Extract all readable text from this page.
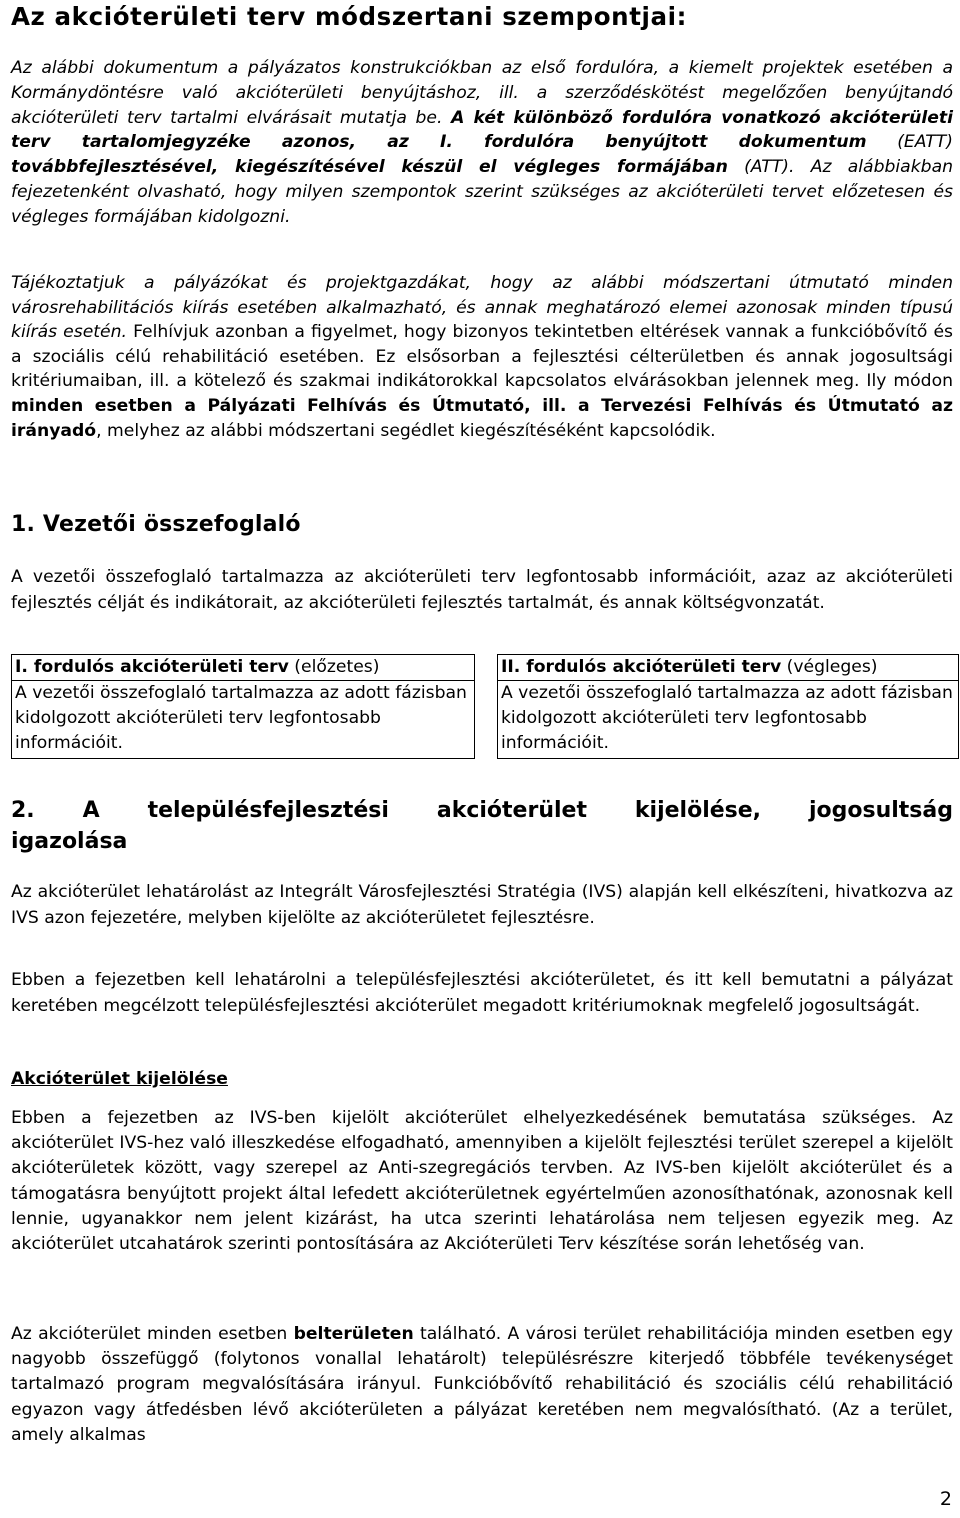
Az akcióterületi terv módszertani szempontjai:
Az alábbi dokumentum a pályázatos konstrukciókban az első fordulóra, a kiemelt projektek esetében a Kormánydöntésre való akcióterületi benyújtáshoz, ill. a szerződéskötést megelőzően benyújtandó akcióterületi terv tartalmi elvárásait mutatja be. A két különböző fordulóra vonatkozó akcióterületi terv tartalomjegyzéke azonos, az I. fordulóra benyújtott dokumentum (EATT) továbbfejlesztésével, kiegészítésével készül el végleges formájában (ATT). Az alábbiakban fejezetenként olvasható, hogy milyen szempontok szerint szükséges az akcióterületi tervet előzetesen és végleges formájában kidolgozni.
Tájékoztatjuk a pályázókat és projektgazdákat, hogy az alábbi módszertani útmutató minden városrehabilitációs kiírás esetében alkalmazható, és annak meghatározó elemei azonosak minden típusú kiírás esetén. Felhívjuk azonban a figyelmet, hogy bizonyos tekintetben eltérések vannak a funkcióbővítő és a szociális célú rehabilitáció esetében. Ez elsősorban a fejlesztési célterületben és annak jogosultsági kritériumaiban, ill. a kötelező és szakmai indikátorokkal kapcsolatos elvárásokban jelennek meg. Ily módon minden esetben a Pályázati Felhívás és Útmutató, ill. a Tervezési Felhívás és Útmutató az irányadó, melyhez az alábbi módszertani segédlet kiegészítéséként kapcsolódik.
1. Vezetői összefoglaló
A vezetői összefoglaló tartalmazza az akcióterületi terv legfontosabb információit, azaz az akcióterületi fejlesztés célját és indikátorait, az akcióterületi fejlesztés tartalmát, és annak költségvonzatát.
I. fordulós akcióterületi terv (előzetes)
A vezetői összefoglaló tartalmazza az adott fázisban kidolgozott akcióterületi terv legfontosabb információit.

II. fordulós akcióterületi terv (végleges)
A vezetői összefoglaló tartalmazza az adott fázisban kidolgozott akcióterületi terv legfontosabb információit.
2. A településfejlesztési akcióterület kijelölése, jogosultság
igazolása
Az akcióterület lehatárolást az Integrált Városfejlesztési Stratégia (IVS) alapján kell elkészíteni, hivatkozva az IVS azon fejezetére, melyben kijelölte az akcióterületet fejlesztésre.
Ebben a fejezetben kell lehatárolni a településfejlesztési akcióterületet, és itt kell bemutatni a pályázat keretében megcélzott településfejlesztési akcióterület megadott kritériumoknak megfelelő jogosultságát.
Akcióterület kijelölése
Ebben a fejezetben az IVS-ben kijelölt akcióterület elhelyezkedésének bemutatása szükséges. Az akcióterület IVS-hez való illeszkedése elfogadható, amennyiben a kijelölt fejlesztési terület szerepel a kijelölt akcióterületek között, vagy szerepel az Anti-szegregációs tervben. Az IVS-ben kijelölt akcióterület és a támogatásra benyújtott projekt által lefedett akcióterületnek egyértelműen azonosíthatónak, azonosnak kell lennie, ugyanakkor nem jelent kizárást, ha utca szerinti lehatárolása nem teljesen egyezik meg. Az akcióterület utcahatárok szerinti pontosítására az Akcióterületi Terv készítése során lehetőség van.
Az akcióterület minden esetben belterületen található. A városi terület rehabilitációja minden esetben egy nagyobb összefüggő (folytonos vonallal lehatárolt) településrészre kiterjedő többféle tevékenységet tartalmazó program megvalósítására irányul. Funkcióbővítő rehabilitáció és szociális célú rehabilitáció egyazon vagy átfedésben lévő akcióterületen a pályázat keretében nem megvalósítható. (Az a terület, amely alkalmas
2
